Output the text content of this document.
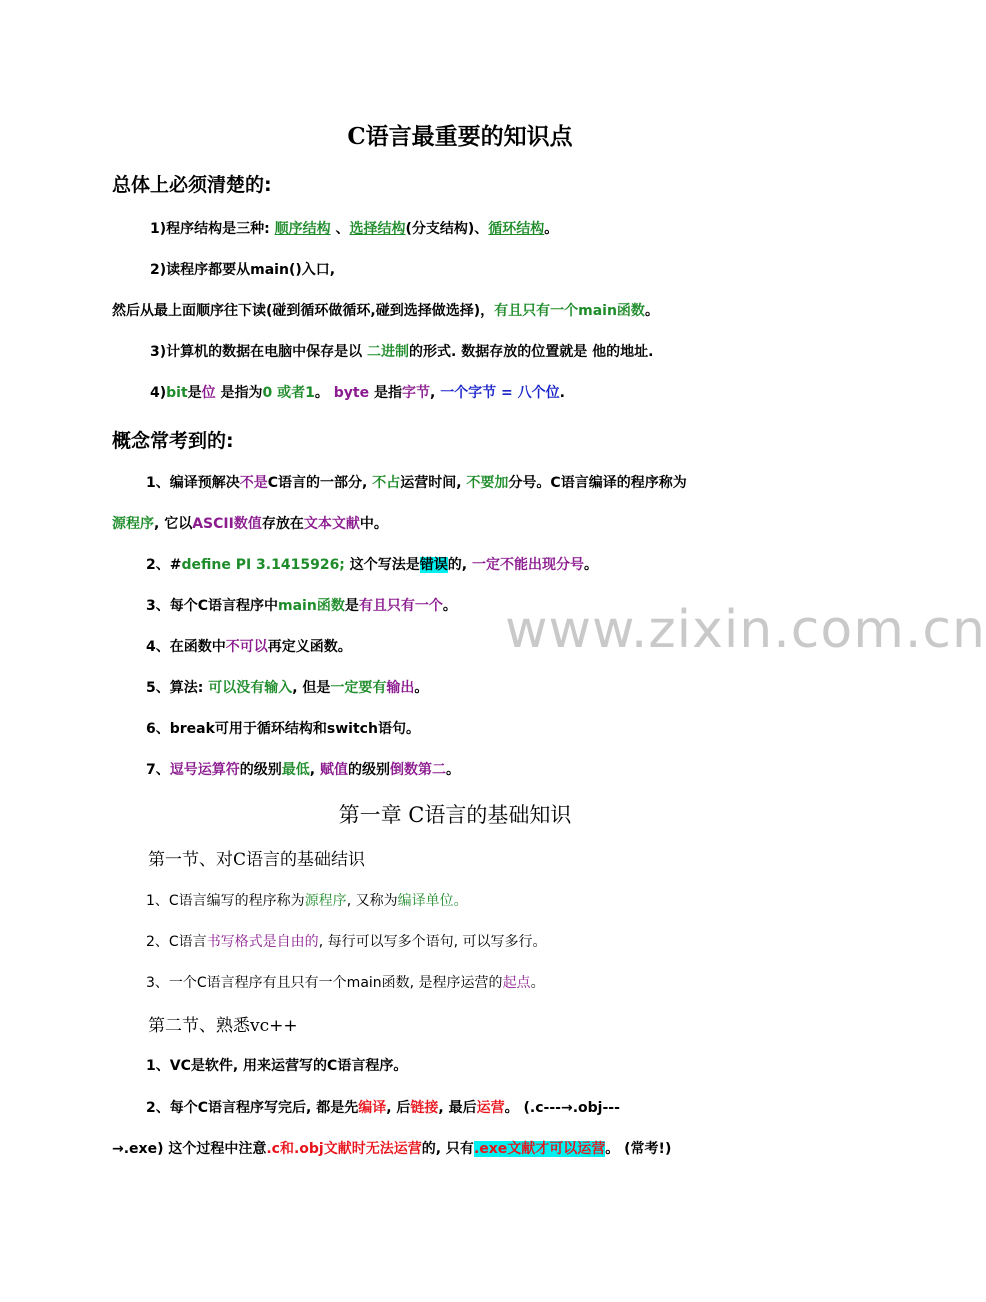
www.zixin.com.cn
C语言最重要的知识点
总体上必须清楚的:
1)程序结构是三种: 顺序结构 、选择结构(分支结构)、循环结构。
2)读程序都要从main()入口,
然后从最上面顺序往下读(碰到循环做循环,碰到选择做选择)，有且只有一个main函数。
3)计算机的数据在电脑中保存是以 二进制的形式. 数据存放的位置就是 他的地址.
4)bit是位 是指为0 或者1。 byte 是指字节, 一个字节 = 八个位.
概念常考到的:
1、编译预解决不是C语言的一部分, 不占运营时间, 不要加分号。C语言编译的程序称为
源程序, 它以ASCII数值存放在文本文献中。
2、#define PI 3.1415926; 这个写法是错误的, 一定不能出现分号。
3、每个C语言程序中main函数是有且只有一个。
4、在函数中不可以再定义函数。
5、算法: 可以没有输入, 但是一定要有输出。
6、break可用于循环结构和switch语句。
7、逗号运算符的级别最低, 赋值的级别倒数第二。
第一章 C语言的基础知识
第一节、对C语言的基础结识
1、C语言编写的程序称为源程序, 又称为编译单位。
2、C语言书写格式是自由的, 每行可以写多个语句, 可以写多行。
3、一个C语言程序有且只有一个main函数, 是程序运营的起点。
第二节、熟悉vc++
1、VC是软件, 用来运营写的C语言程序。
2、每个C语言程序写完后, 都是先编译, 后链接, 最后运营。 (.c---→.obj---
→.exe) 这个过程中注意.c和.obj文献时无法运营的, 只有.exe文献才可以运营。 (常考!)
